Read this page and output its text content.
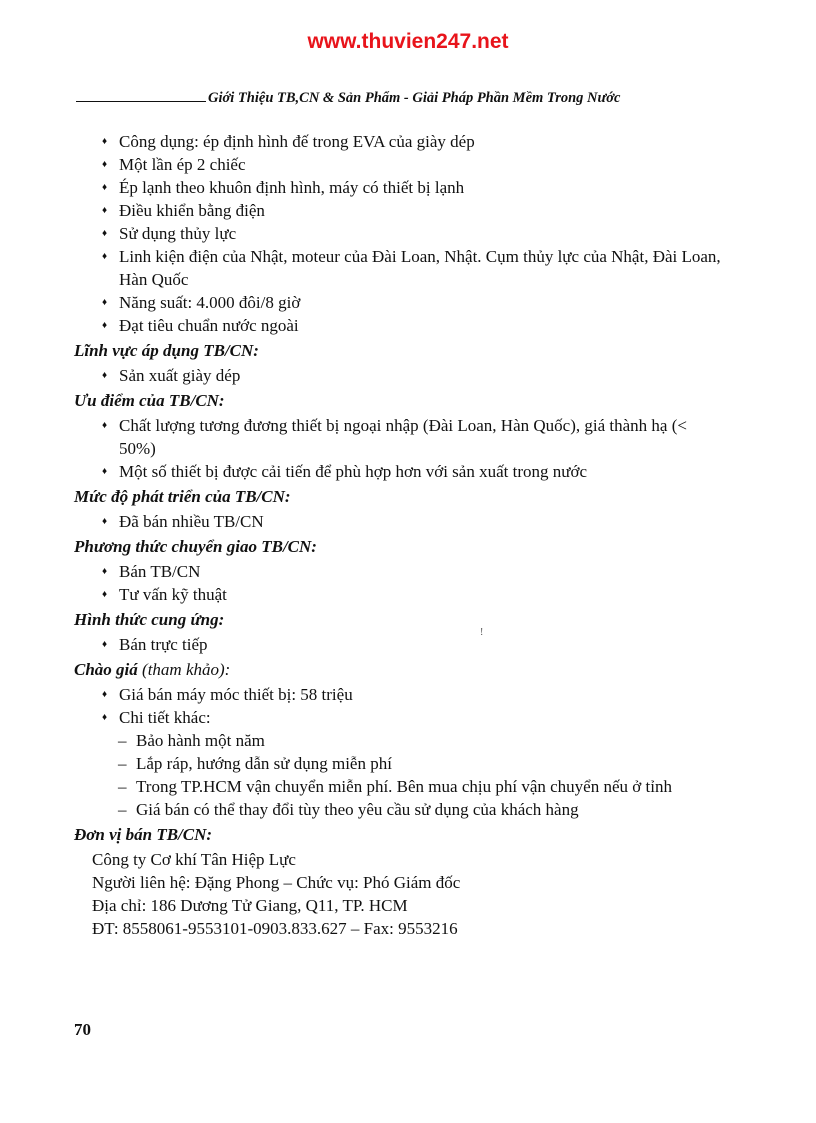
www.thuvien247.net
Giới Thiệu TB,CN & Sản Phẩm - Giải Pháp Phần Mềm Trong Nước
♦ Công dụng: ép định hình đế trong EVA của giày dép
♦ Một lần ép 2 chiếc
♦ Ép lạnh theo khuôn định hình, máy có thiết bị lạnh
♦ Điều khiển bằng điện
♦ Sử dụng thủy lực
♦ Linh kiện điện của Nhật, moteur của Đài Loan, Nhật. Cụm thủy lực của Nhật, Đài Loan, Hàn Quốc
♦ Năng suất: 4.000 đôi/8 giờ
♦ Đạt tiêu chuẩn nước ngoài
Lĩnh vực áp dụng TB/CN:
♦ Sản xuất giày dép
Ưu điểm của TB/CN:
♦ Chất lượng tương đương thiết bị ngoại nhập (Đài Loan, Hàn Quốc), giá thành hạ (< 50%)
♦ Một số thiết bị được cải tiến để phù hợp hơn với sản xuất trong nước
Mức độ phát triển của TB/CN:
♦ Đã bán nhiều TB/CN
Phương thức chuyển giao TB/CN:
♦ Bán TB/CN
♦ Tư vấn kỹ thuật
Hình thức cung ứng:
♦ Bán trực tiếp
Chào giá (tham khảo):
♦ Giá bán máy móc thiết bị: 58 triệu
♦ Chi tiết khác:
– Bảo hành một năm
– Lắp ráp, hướng dẫn sử dụng miễn phí
– Trong TP.HCM vận chuyển miễn phí. Bên mua chịu phí vận chuyển nếu ở tỉnh
– Giá bán có thể thay đổi tùy theo yêu cầu sử dụng của khách hàng
Đơn vị bán TB/CN:
Công ty Cơ khí Tân Hiệp Lực
Người liên hệ: Đặng Phong – Chức vụ: Phó Giám đốc
Địa chỉ: 186 Dương Tử Giang, Q11, TP. HCM
ĐT: 8558061-9553101-0903.833.627 – Fax: 9553216
!
70
